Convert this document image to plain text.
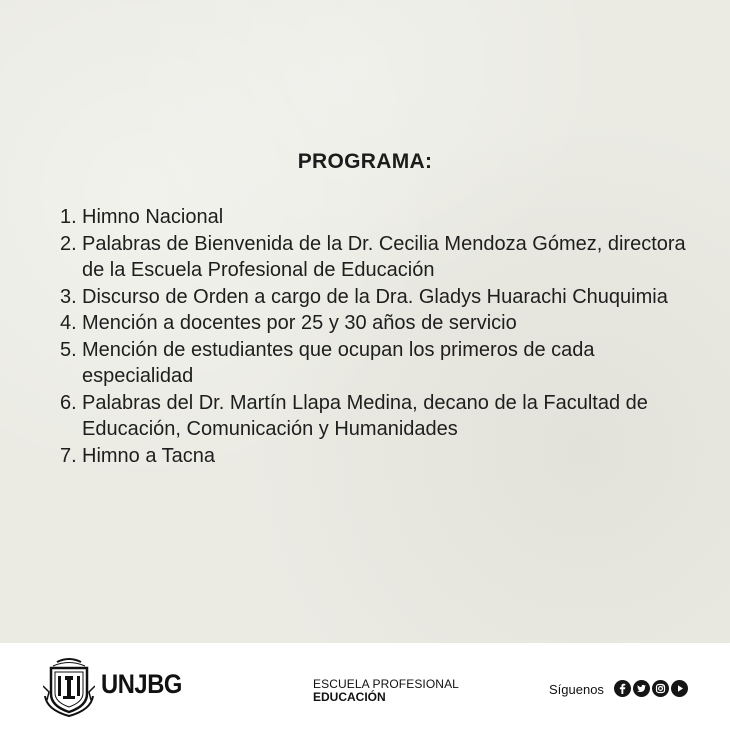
PROGRAMA:
1. Himno Nacional
2. Palabras de Bienvenida de la Dr. Cecilia Mendoza Gómez, directora de la Escuela Profesional de Educación
3. Discurso de Orden a cargo de la Dra. Gladys Huarachi Chuquimia
4. Mención a docentes por 25 y 30 años de servicio
5. Mención de estudiantes que ocupan los primeros de cada especialidad
6. Palabras del Dr. Martín Llapa Medina, decano de la Facultad de Educación, Comunicación y Humanidades
7. Himno a Tacna
UNJBG	ESCUELA PROFESIONAL
EDUCACIÓN	Síguenos
